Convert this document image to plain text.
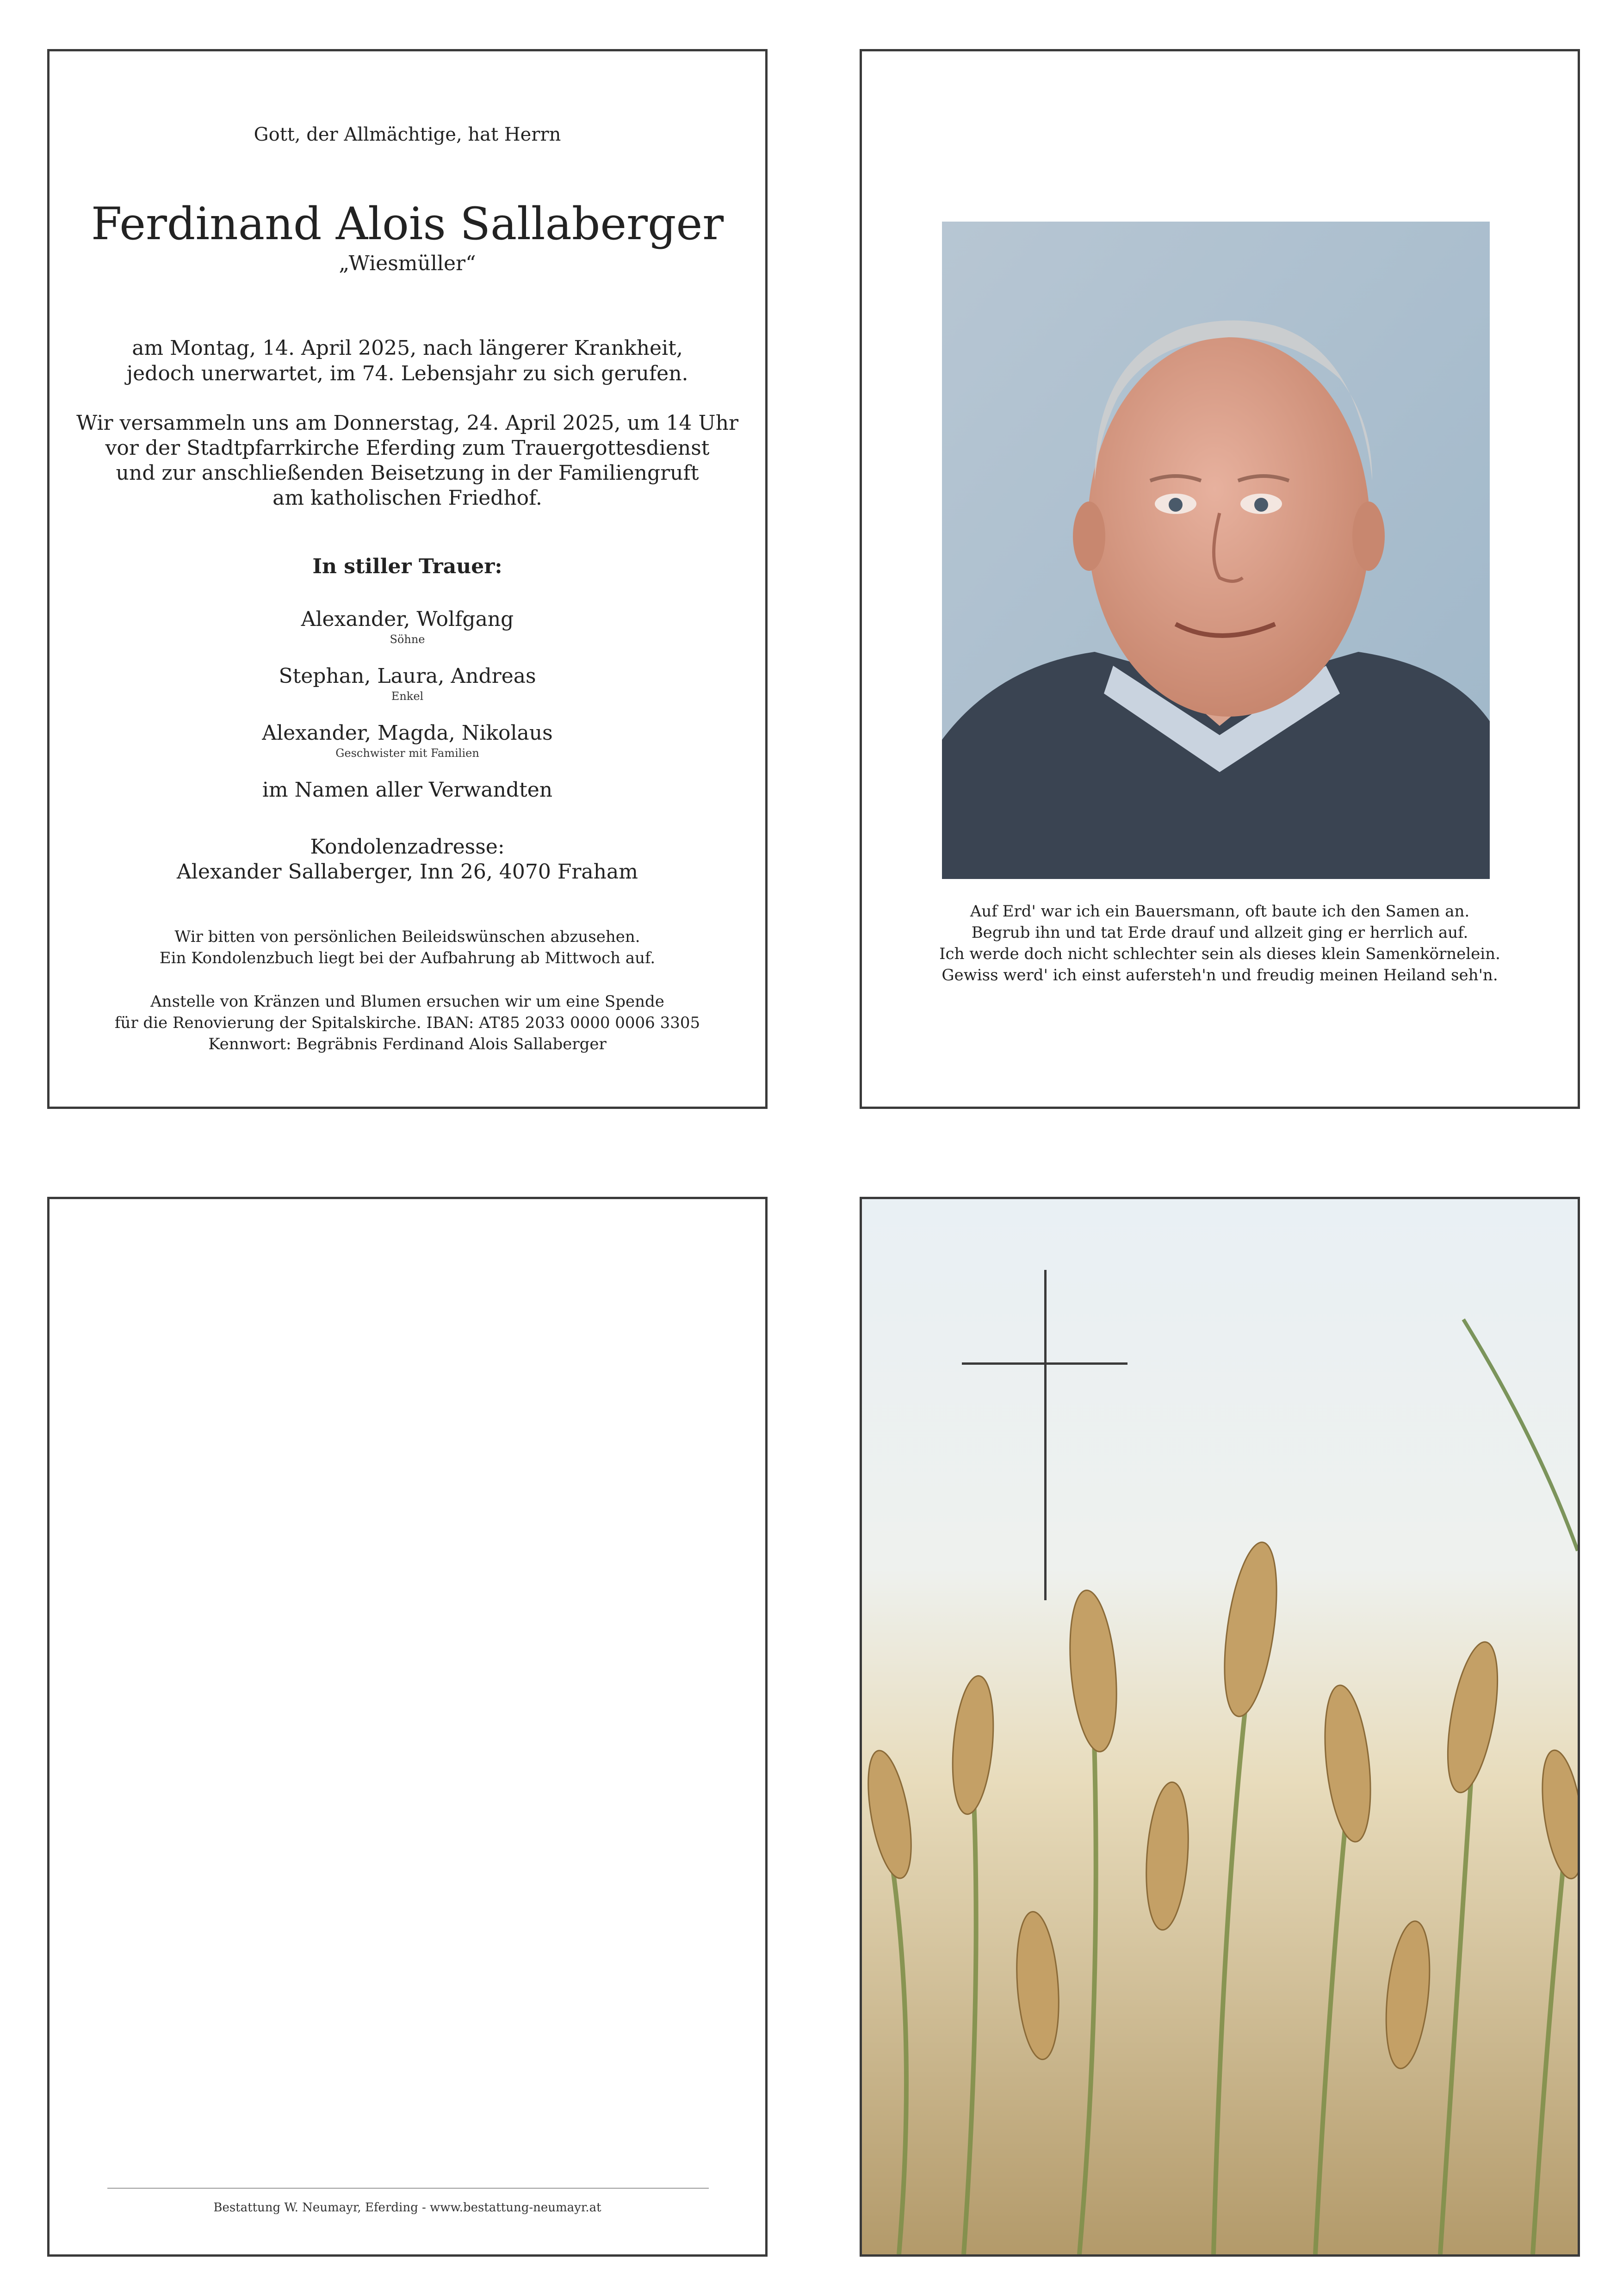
Gott, der Allmächtige, hat Herrn
Ferdinand Alois Sallaberger
„Wiesmüller“
am Montag, 14. April 2025, nach längerer Krankheit,
jedoch unerwartet, im 74. Lebensjahr zu sich gerufen.
Wir versammeln uns am Donnerstag, 24. April 2025, um 14 Uhr
vor der Stadtpfarrkirche Eferding zum Trauergottesdienst
und zur anschließenden Beisetzung in der Familiengruft
am katholischen Friedhof.
In stiller Trauer:
Alexander, Wolfgang
Söhne
Stephan, Laura, Andreas
Enkel
Alexander, Magda, Nikolaus
Geschwister mit Familien
im Namen aller Verwandten
Kondolenzadresse:
Alexander Sallaberger, Inn 26, 4070 Fraham
Wir bitten von persönlichen Beileidswünschen abzusehen.
Ein Kondolenzbuch liegt bei der Aufbahrung ab Mittwoch auf.
Anstelle von Kränzen und Blumen ersuchen wir um eine Spende
für die Renovierung der Spitalskirche. IBAN: AT85 2033 0000 0006 3305
Kennwort: Begräbnis Ferdinand Alois Sallaberger
Auf Erd' war ich ein Bauersmann, oft baute ich den Samen an.
Begrub ihn und tat Erde drauf und allzeit ging er herrlich auf.
Ich werde doch nicht schlechter sein als dieses klein Samenkörnelein.
Gewiss werd' ich einst aufersteh'n und freudig meinen Heiland seh'n.
Bestattung W. Neumayr, Eferding - www.bestattung-neumayr.at
